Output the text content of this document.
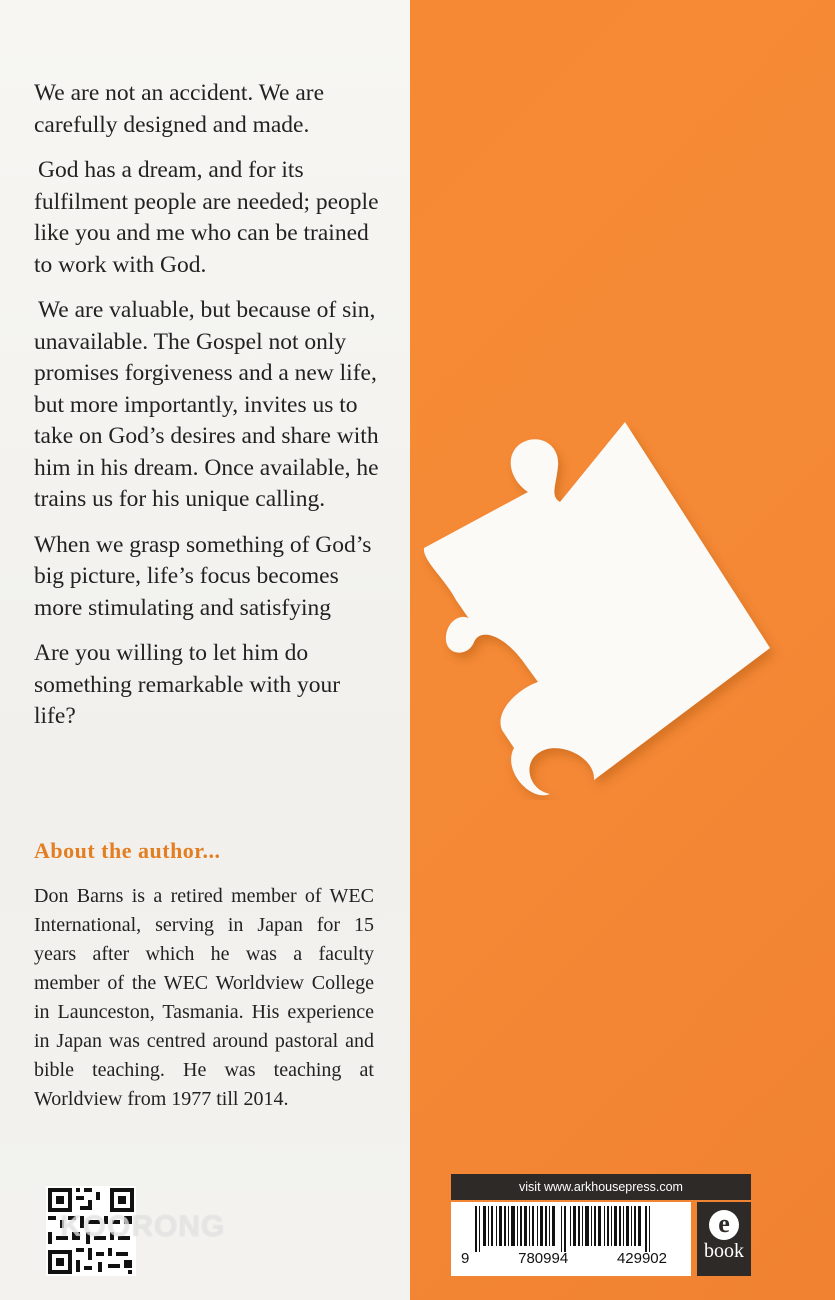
We are not an accident. We are carefully designed and made.

God has a dream, and for its fulfilment people are needed; people like you and me who can be trained to work with God.

We are valuable, but because of sin, unavailable. The Gospel not only promises forgiveness and a new life, but more importantly, invites us to take on God’s desires and share with him in his dream. Once available, he trains us for his unique calling.

When we grasp something of God’s big picture, life’s focus becomes more stimulating and satisfying

Are you willing to let him do something remarkable with your life?

About the author...
Don Barns is a retired member of WEC International, serving in Japan for 15 years after which he was a faculty member of the WEC Worldview College in Launceston, Tasmania. His experience in Japan was centred around pastoral and bible teaching. He was teaching at Worldview from 1977 till 2014.
KOORONG
visit www.arkhousepress.com
9	780994	429902
e
book
